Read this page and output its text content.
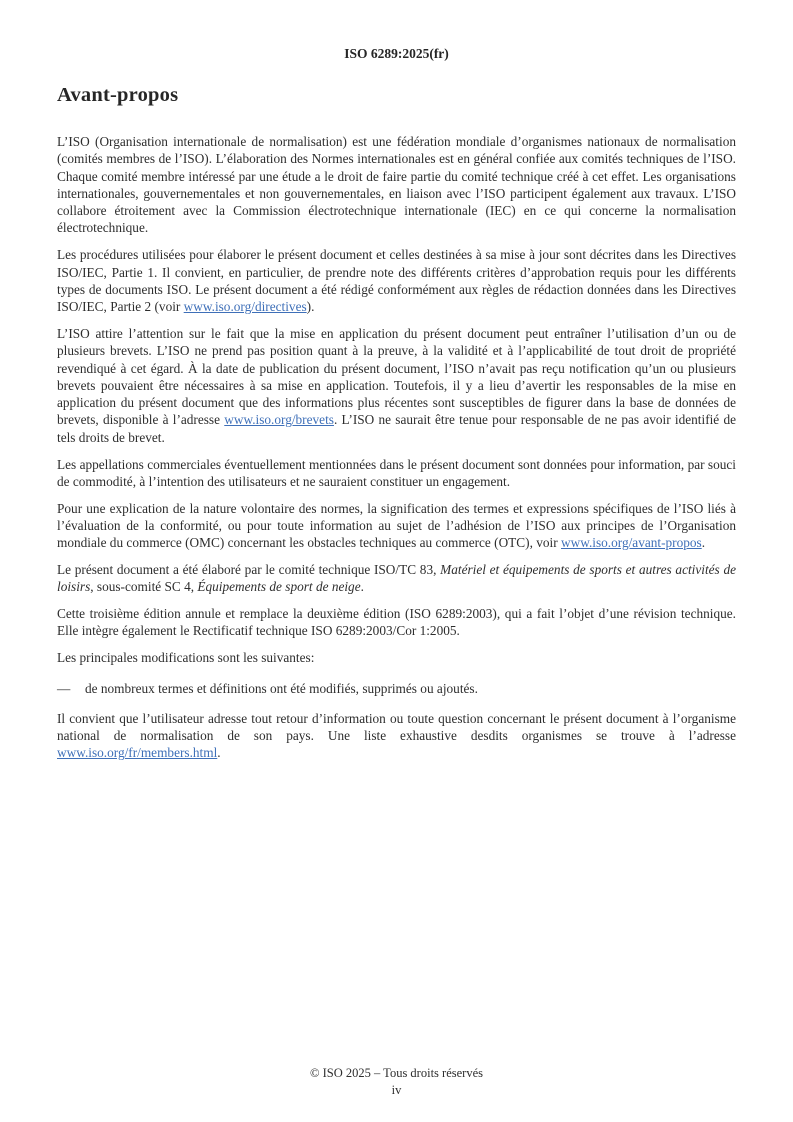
ISO 6289:2025(fr)
Avant-propos

L’ISO (Organisation internationale de normalisation) est une fédération mondiale d’organismes nationaux de normalisation (comités membres de l’ISO). L’élaboration des Normes internationales est en général confiée aux comités techniques de l’ISO. Chaque comité membre intéressé par une étude a le droit de faire partie du comité technique créé à cet effet. Les organisations internationales, gouvernementales et non gouvernementales, en liaison avec l’ISO participent également aux travaux. L’ISO collabore étroitement avec la Commission électrotechnique internationale (IEC) en ce qui concerne la normalisation électrotechnique.

Les procédures utilisées pour élaborer le présent document et celles destinées à sa mise à jour sont décrites dans les Directives ISO/IEC, Partie 1. Il convient, en particulier, de prendre note des différents critères d’approbation requis pour les différents types de documents ISO. Le présent document a été rédigé conformément aux règles de rédaction données dans les Directives ISO/IEC, Partie 2 (voir www.iso.org/directives).

L’ISO attire l’attention sur le fait que la mise en application du présent document peut entraîner l’utilisation d’un ou de plusieurs brevets. L’ISO ne prend pas position quant à la preuve, à la validité et à l’applicabilité de tout droit de propriété revendiqué à cet égard. À la date de publication du présent document, l’ISO n’avait pas reçu notification qu’un ou plusieurs brevets pouvaient être nécessaires à sa mise en application. Toutefois, il y a lieu d’avertir les responsables de la mise en application du présent document que des informations plus récentes sont susceptibles de figurer dans la base de données de brevets, disponible à l’adresse www.iso.org/brevets. L’ISO ne saurait être tenue pour responsable de ne pas avoir identifié de tels droits de brevet.

Les appellations commerciales éventuellement mentionnées dans le présent document sont données pour information, par souci de commodité, à l’intention des utilisateurs et ne sauraient constituer un engagement.

Pour une explication de la nature volontaire des normes, la signification des termes et expressions spécifiques de l’ISO liés à l’évaluation de la conformité, ou pour toute information au sujet de l’adhésion de l’ISO aux principes de l’Organisation mondiale du commerce (OMC) concernant les obstacles techniques au commerce (OTC), voir www.iso.org/avant-propos.

Le présent document a été élaboré par le comité technique ISO/TC 83, Matériel et équipements de sports et autres activités de loisirs, sous-comité SC 4, Équipements de sport de neige.

Cette troisième édition annule et remplace la deuxième édition (ISO 6289:2003), qui a fait l’objet d’une révision technique. Elle intègre également le Rectificatif technique ISO 6289:2003/Cor 1:2005.

Les principales modifications sont les suivantes:

—	de nombreux termes et définitions ont été modifiés, supprimés ou ajoutés.

Il convient que l’utilisateur adresse tout retour d’information ou toute question concernant le présent document à l’organisme national de normalisation de son pays. Une liste exhaustive desdits organismes se trouve à l’adresse www.iso.org/fr/members.html.

© ISO 2025 – Tous droits réservés
iv
